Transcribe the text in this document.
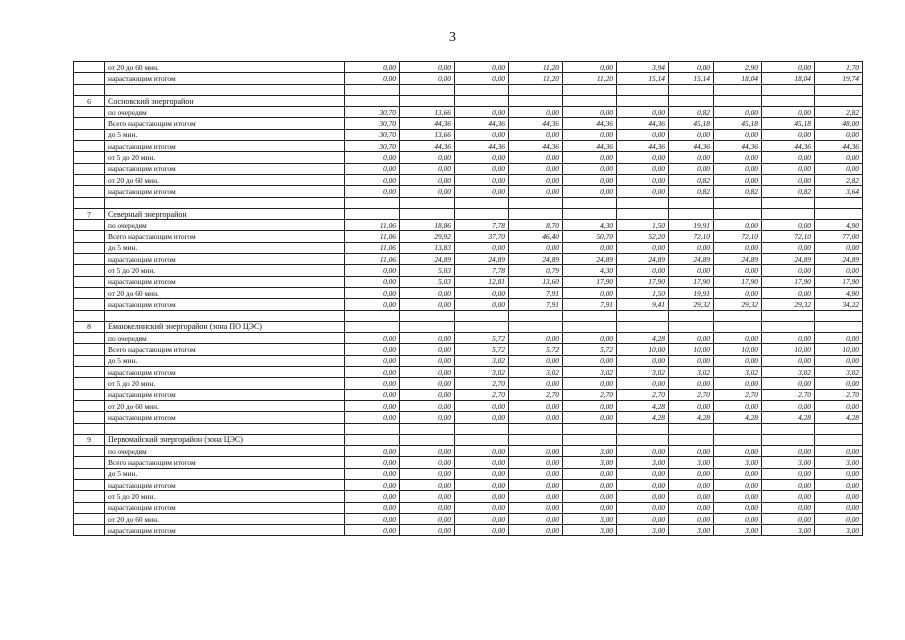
3
	от 20 до 60 мин.	0,00	0,00	0,00	11,20	0,00	3,94	0,00	2,90	0,00	1,70
	нарастающим итогом	0,00	0,00	0,00	11,20	11,20	15,14	15,14	18,04	18,04	19,74

6	Сосновский энергорайон										
	по очередям	30,70	13,66	0,00	0,00	0,00	0,00	0,82	0,00	0,00	2,82
	Всего нарастающим итогом	30,70	44,36	44,36	44,36	44,36	44,36	45,18	45,18	45,18	48,00
	до 5 мин.	30,70	13,66	0,00	0,00	0,00	0,00	0,00	0,00	0,00	0,00
	нарастающим итогом	30,70	44,36	44,36	44,36	44,36	44,36	44,36	44,36	44,36	44,36
	от 5 до 20 мин.	0,00	0,00	0,00	0,00	0,00	0,00	0,00	0,00	0,00	0,00
	нарастающим итогом	0,00	0,00	0,00	0,00	0,00	0,00	0,00	0,00	0,00	0,00
	от 20 до 60 мин.	0,00	0,00	0,00	0,00	0,00	0,00	0,82	0,00	0,00	2,82
	нарастающим итогом	0,00	0,00	0,00	0,00	0,00	0,00	0,82	0,82	0,82	3,64

7	Северный энергорайон										
	по очередям	11,06	18,86	7,78	8,70	4,30	1,50	19,91	0,00	0,00	4,90
	Всего нарастающим итогом	11,06	29,92	37,70	46,40	50,70	52,20	72,10	72,10	72,10	77,00
	до 5 мин.	11,06	13,83	0,00	0,00	0,00	0,00	0,00	0,00	0,00	0,00
	нарастающим итогом	11,06	24,89	24,89	24,89	24,89	24,89	24,89	24,89	24,89	24,89
	от 5 до 20 мин.	0,00	5,03	7,78	0,79	4,30	0,00	0,00	0,00	0,00	0,00
	нарастающим итогом	0,00	5,03	12,81	13,60	17,90	17,90	17,90	17,90	17,90	17,90
	от 20 до 60 мин.	0,00	0,00	0,00	7,91	0,00	1,50	19,91	0,00	0,00	4,90
	нарастающим итогом	0,00	0,00	0,00	7,91	7,91	9,41	29,32	29,32	29,32	34,22

8	Еманжелинский энергорайон (зона ПО ЦЭС)										
	по очередям	0,00	0,00	5,72	0,00	0,00	4,28	0,00	0,00	0,00	0,00
	Всего нарастающим итогом	0,00	0,00	5,72	5,72	5,72	10,00	10,00	10,00	10,00	10,00
	до 5 мин.	0,00	0,00	3,02	0,00	0,00	0,00	0,00	0,00	0,00	0,00
	нарастающим итогом	0,00	0,00	3,02	3,02	3,02	3,02	3,02	3,02	3,02	3,02
	от 5 до 20 мин.	0,00	0,00	2,70	0,00	0,00	0,00	0,00	0,00	0,00	0,00
	нарастающим итогом	0,00	0,00	2,70	2,70	2,70	2,70	2,70	2,70	2,70	2,70
	от 20 до 60 мин.	0,00	0,00	0,00	0,00	0,00	4,28	0,00	0,00	0,00	0,00
	нарастающим итогом	0,00	0,00	0,00	0,00	0,00	4,28	4,28	4,28	4,28	4,28

9	Первомайский энергорайон (зона ЦЭС)										
	по очередям	0,00	0,00	0,00	0,00	3,00	0,00	0,00	0,00	0,00	0,00
	Всего нарастающим итогом	0,00	0,00	0,00	0,00	3,00	3,00	3,00	3,00	3,00	3,00
	до 5 мин.	0,00	0,00	0,00	0,00	0,00	0,00	0,00	0,00	0,00	0,00
	нарастающим итогом	0,00	0,00	0,00	0,00	0,00	0,00	0,00	0,00	0,00	0,00
	от 5 до 20 мин.	0,00	0,00	0,00	0,00	0,00	0,00	0,00	0,00	0,00	0,00
	нарастающим итогом	0,00	0,00	0,00	0,00	0,00	0,00	0,00	0,00	0,00	0,00
	от 20 до 60 мин.	0,00	0,00	0,00	0,00	3,00	0,00	0,00	0,00	0,00	0,00
	нарастающим итогом	0,00	0,00	0,00	0,00	3,00	3,00	3,00	3,00	3,00	3,00
